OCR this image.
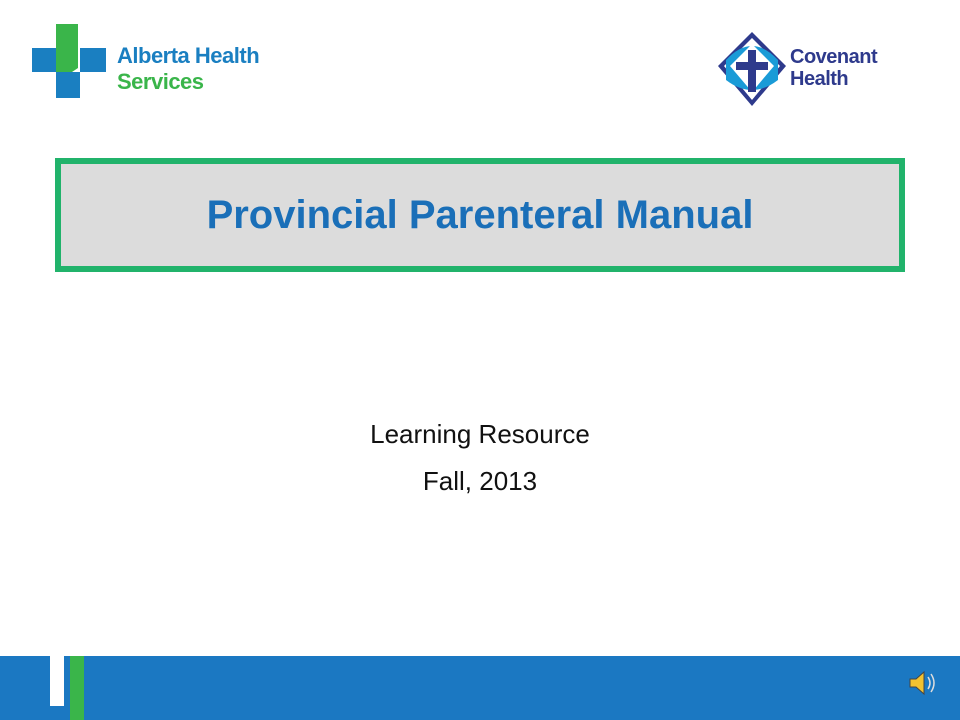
Alberta Health
Services
Covenant
Health
Provincial Parenteral Manual
Learning Resource
Fall, 2013
